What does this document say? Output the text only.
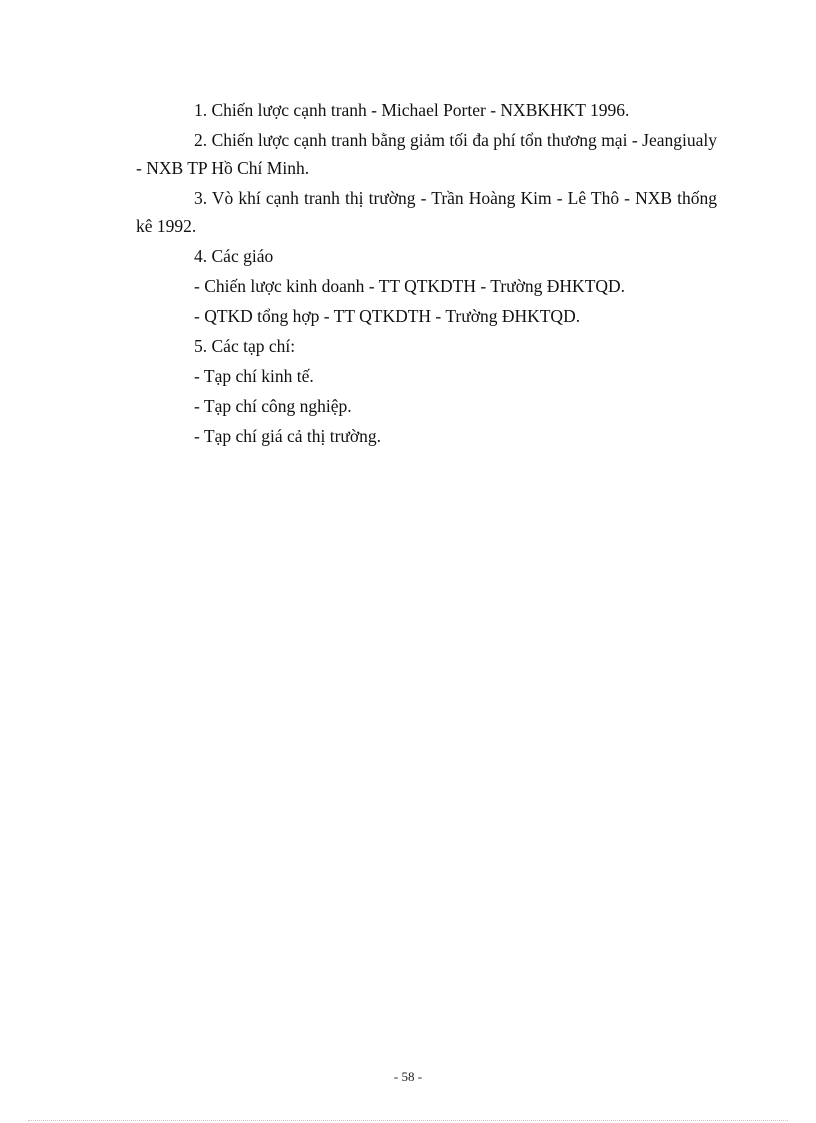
1. Chiến lược cạnh tranh - Michael Porter - NXBKHKT 1996.

2. Chiến lược cạnh tranh bằng giảm tối đa phí tổn thương mại - Jeangiualy - NXB TP Hồ Chí Minh.

3. Vò khí cạnh tranh thị trường - Trần Hoàng Kim - Lê Thô - NXB thống kê 1992.

4. Các giáo

- Chiến lược kinh doanh - TT QTKDTH - Trường ĐHKTQD.

- QTKD tổng hợp - TT QTKDTH - Trường ĐHKTQD.

5. Các tạp chí:

- Tạp chí kinh tế.

- Tạp chí công nghiệp.

- Tạp chí giá cả thị trường.

- 58 -
